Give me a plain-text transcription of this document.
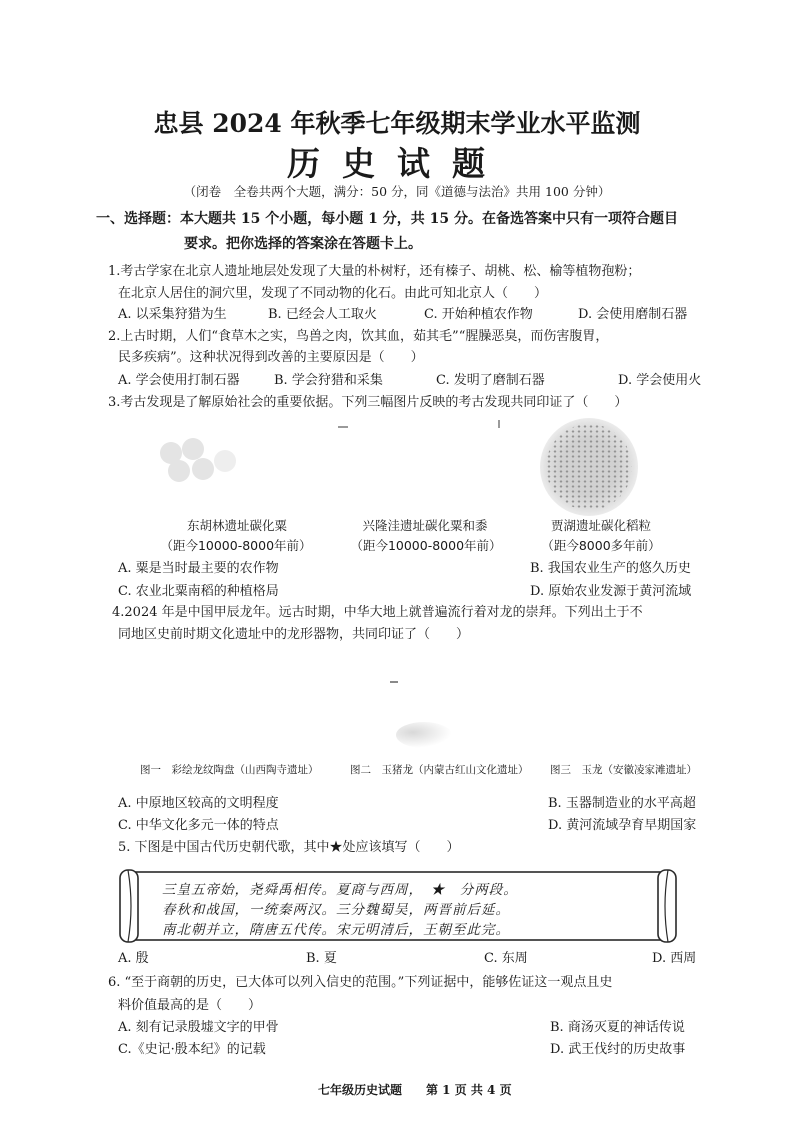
忠县 2024 年秋季七年级期末学业水平监测
历史试题
（闭卷　全卷共两个大题，满分：50 分，同《道德与法治》共用 100 分钟）
一、选择题：本大题共 15 个小题，每小题 1 分，共 15 分。在备选答案中只有一项符合题目
要求。把你选择的答案涂在答题卡上。
1.考古学家在北京人遗址地层处发现了大量的朴树籽，还有榛子、胡桃、松、榆等植物孢粉；
在北京人居住的洞穴里，发现了不同动物的化石。由此可知北京人（　　）
A. 以采集狩猎为生	B. 已经会人工取火	C. 开始种植农作物	D. 会使用磨制石器
2.上古时期，人们“食草木之实，鸟兽之肉，饮其血，茹其毛”“腥臊恶臭，而伤害腹胃，
民多疾病”。这种状况得到改善的主要原因是（　　）
A. 学会使用打制石器	B. 学会狩猎和采集	C. 发明了磨制石器	D. 学会使用火
3.考古发现是了解原始社会的重要依据。下列三幅图片反映的考古发现共同印证了（　　）
东胡林遗址碳化粟
（距今10000-8000年前）
兴隆洼遗址碳化粟和黍
（距今10000-8000年前）
贾湖遗址碳化稻粒
（距今8000多年前）
A. 粟是当时最主要的农作物	B. 我国农业生产的悠久历史
C. 农业北粟南稻的种植格局	D. 原始农业发源于黄河流域
4.2024 年是中国甲辰龙年。远古时期，中华大地上就普遍流行着对龙的崇拜。下列出土于不
同地区史前时期文化遗址中的龙形器物，共同印证了（　　）
图一　彩绘龙纹陶盘（山西陶寺遗址）	图二　玉猪龙（内蒙古红山文化遗址） 图三　玉龙（安徽凌家滩遗址）
A. 中原地区较高的文明程度	B. 玉器制造业的水平高超
C. 中华文化多元一体的特点	D. 黄河流域孕育早期国家
5. 下图是中国古代历史朝代歌，其中★处应该填写（　　）
三皇五帝始，尧舜禹相传。夏商与西周，　★　分两段。
春秋和战国，一统秦两汉。三分魏蜀吴，两晋前后延。
南北朝并立，隋唐五代传。宋元明清后，王朝至此完。
A. 殷	B. 夏	C. 东周	D. 西周
6. “至于商朝的历史，已大体可以列入信史的范围。”下列证据中，能够佐证这一观点且史
料价值最高的是（　　）
A. 刻有记录殷墟文字的甲骨	B. 商汤灭夏的神话传说
C.《史记·殷本纪》的记载	D. 武王伐纣的历史故事
七年级历史试题 第 1 页 共 4 页
